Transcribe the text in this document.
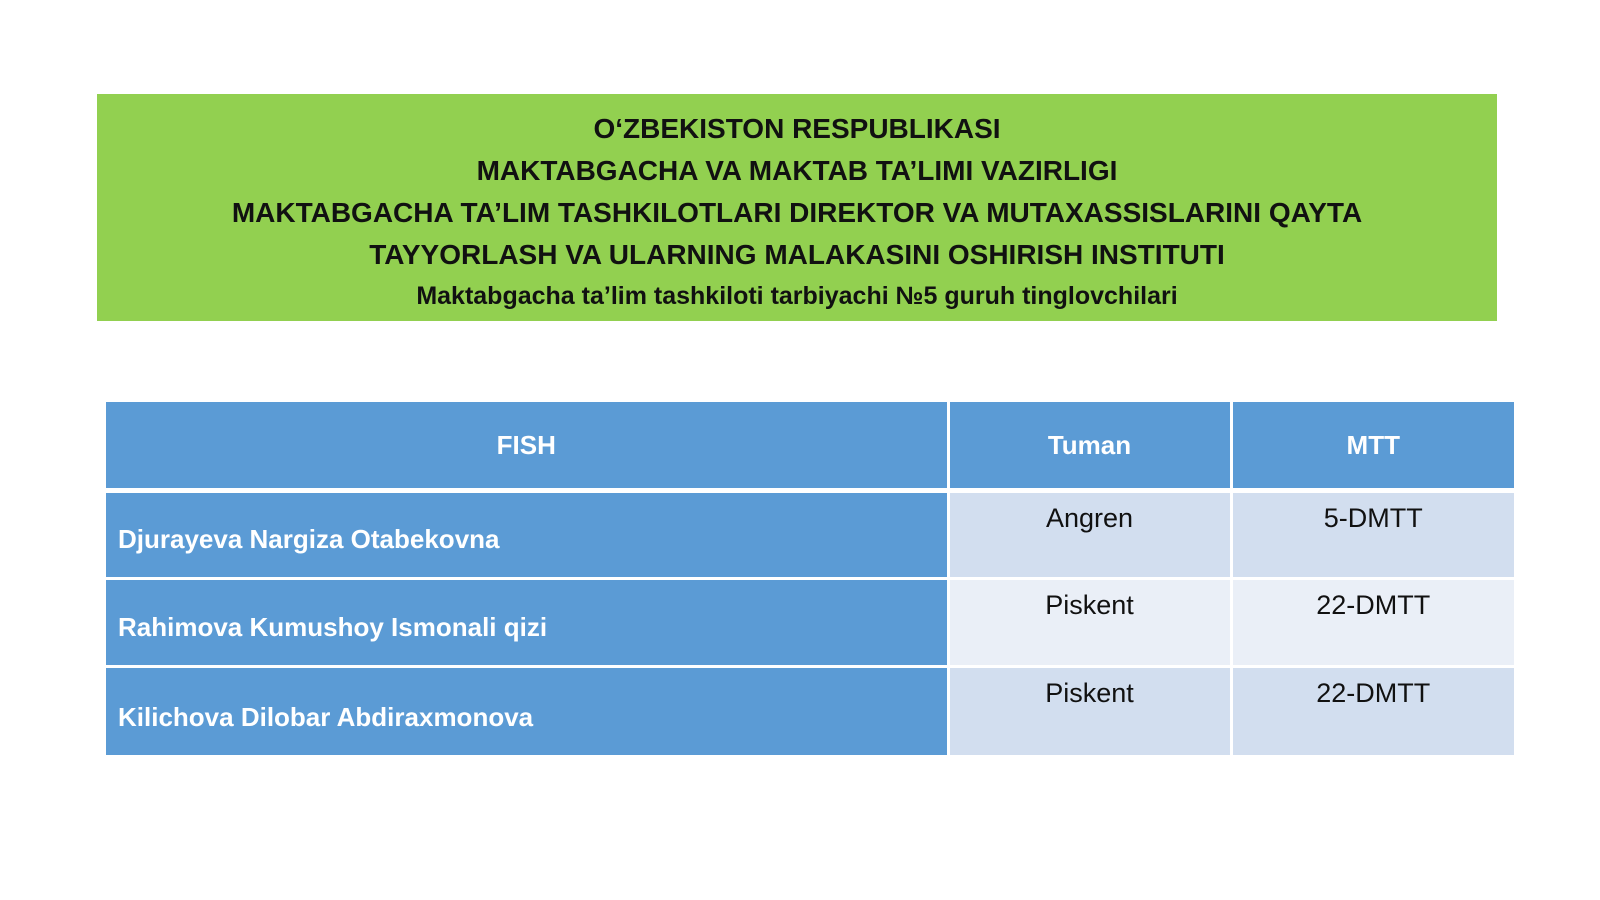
O‘ZBEKISTON RESPUBLIKASI
MAKTABGACHA VA MAKTAB TA’LIMI VAZIRLIGI
MAKTABGACHA TA’LIM TASHKILOTLARI DIREKTOR VA MUTAXASSISLARINI QAYTA
TAYYORLASH VA ULARNING MALAKASINI OSHIRISH INSTITUTI
Maktabgacha ta’lim tashkiloti tarbiyachi №5 guruh tinglovchilari
FISH	Tuman	MTT
Djurayeva Nargiza Otabekovna	Angren	5-DMTT
Rahimova Kumushoy Ismonali qizi	Piskent	22-DMTT
Kilichova Dilobar Abdiraxmonova	Piskent	22-DMTT
